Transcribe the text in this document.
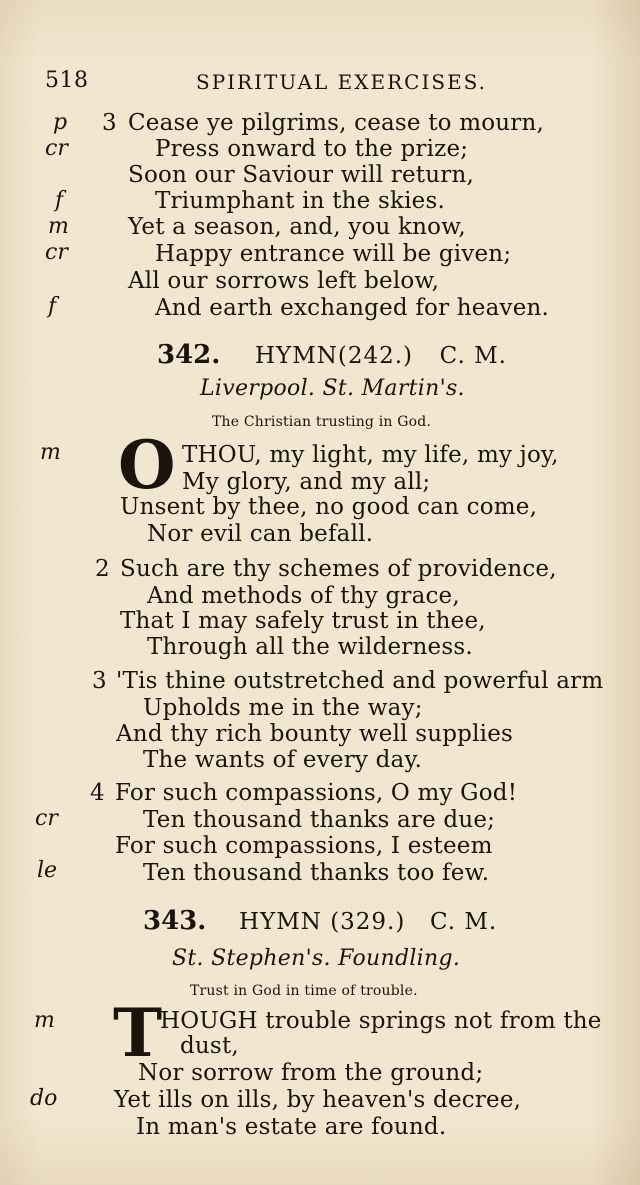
518	SPIRITUAL EXERCISES.
p
cr
f
m
cr
f
3 Cease ye pilgrims, cease to mourn,
Press onward to the prize;
Soon our Saviour will return,
Triumphant in the skies.
Yet a season, and, you know,
Happy entrance will be given;
All our sorrows left below,
And earth exchanged for heaven.
342. HYMN(242.) C. M.
Liverpool. St. Martin's.
The Christian trusting in God.
m O THOU, my light, my life, my joy,
My glory, and my all;
Unsent by thee, no good can come,
Nor evil can befall.
2 Such are thy schemes of providence,
And methods of thy grace,
That I may safely trust in thee,
Through all the wilderness.
3 'Tis thine outstretched and powerful arm
Upholds me in the way;
And thy rich bounty well supplies
The wants of every day.
cr
le
4 For such compassions, O my God!
Ten thousand thanks are due;
For such compassions, I esteem
Ten thousand thanks too few.
343. HYMN (329.) C. M.
St. Stephen's. Foundling.
Trust in God in time of trouble.
m
do
T
HOUGH trouble springs not from the
dust,
Nor sorrow from the ground;
Yet ills on ills, by heaven's decree,
In man's estate are found.
